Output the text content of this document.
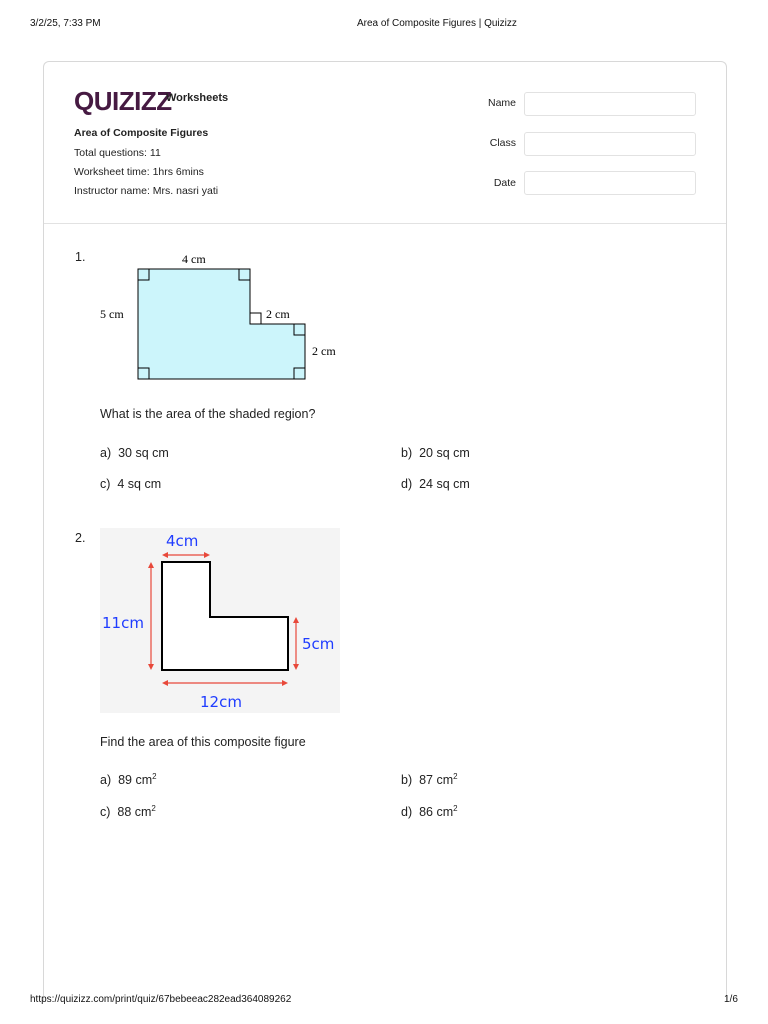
3/2/25, 7:33 PM	Area of Composite Figures | Quizizz
QUIZIZZ
Worksheets
Area of Composite Figures
Total questions: 11
Worksheet time: 1hrs 6mins
Instructor name: Mrs. nasri yati
Name
Class
Date
1.	4 cm
5 cm	2 cm
2 cm
What is the area of the shaded region?
a) 30 sq cm	b) 20 sq cm
c) 4 sq cm	d) 24 sq cm
2.	4cm
11cm
5cm
12cm
Find the area of this composite figure
a) 89 $cm^2$	b) 87 $cm^2$
c) 88 $cm^2$	d) 86 $cm^2$
https://quizizz.com/print/quiz/67bebeeac282ead364089262	1/6
